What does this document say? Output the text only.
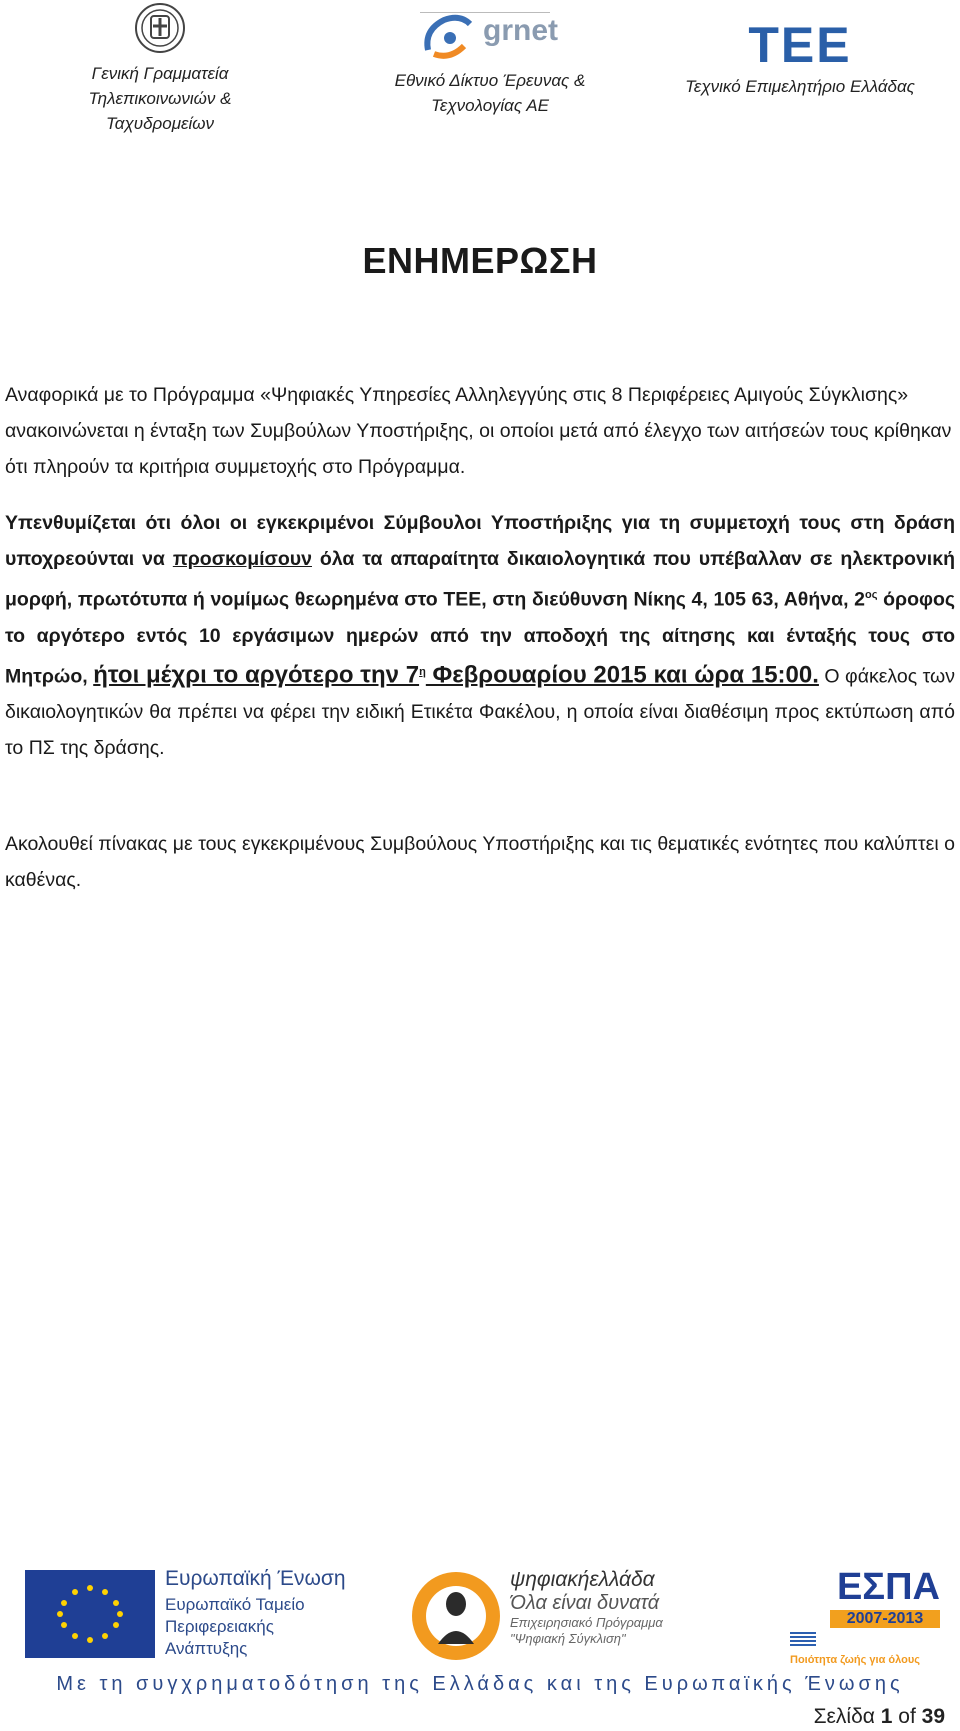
Γενική Γραμματεία
Τηλεπικοινωνιών &
Ταχυδρομείων
grnet
Εθνικό Δίκτυο Έρευνας &
Τεχνολογίας ΑΕ
ΤΕΕ
Τεχνικό Επιμελητήριο Ελλάδας
ΕΝΗΜΕΡΩΣΗ
Αναφορικά με το Πρόγραμμα «Ψηφιακές Υπηρεσίες Αλληλεγγύης στις 8 Περιφέρειες Αμιγούς Σύγκλισης» ανακοινώνεται η ένταξη των Συμβούλων Υποστήριξης, οι οποίοι μετά από έλεγχο των αιτήσεών τους κρίθηκαν ότι πληρούν τα κριτήρια συμμετοχής στο Πρόγραμμα.
Υπενθυμίζεται ότι όλοι οι εγκεκριμένοι Σύμβουλοι Υποστήριξης για τη συμμετοχή τους στη δράση υποχρεούνται να προσκομίσουν όλα τα απαραίτητα δικαιολογητικά που υπέβαλλαν σε ηλεκτρονική μορφή, πρωτότυπα ή νομίμως θεωρημένα στο ΤΕΕ, στη διεύθυνση Νίκης 4, 105 63, Αθήνα, $2^{o\varsigma}$ όροφος το αργότερο εντός 10 εργάσιμων ημερών από την αποδοχή της αίτησης και ένταξής τους στο Μητρώο, ήτοι μέχρι το αργότερο την $7^\eta$ Φεβρουαρίου 2015 και ώρα 15:00. Ο φάκελος των δικαιολογητικών θα πρέπει να φέρει την ειδική Ετικέτα Φακέλου, η οποία είναι διαθέσιμη προς εκτύπωση από το ΠΣ της δράσης.
Ακολουθεί πίνακας με τους εγκεκριμένους Συμβούλους Υποστήριξης και τις θεματικές ενότητες που καλύπτει ο καθένας.
Ευρωπαϊκή Ένωση
Ευρωπαϊκό Ταμείο
Περιφερειακής
Ανάπτυξης
ψηφιακήελλάδα
Όλα είναι δυνατά
Επιχειρησιακό Πρόγραμμα
"Ψηφιακή Σύγκλιση"
ΕΣΠΑ
2007-2013
Ποιότητα ζωής για όλους
Με τη συγχρηματοδότηση της Ελλάδας και της Ευρωπαϊκής Ένωσης
Σελίδα 1 of 39
